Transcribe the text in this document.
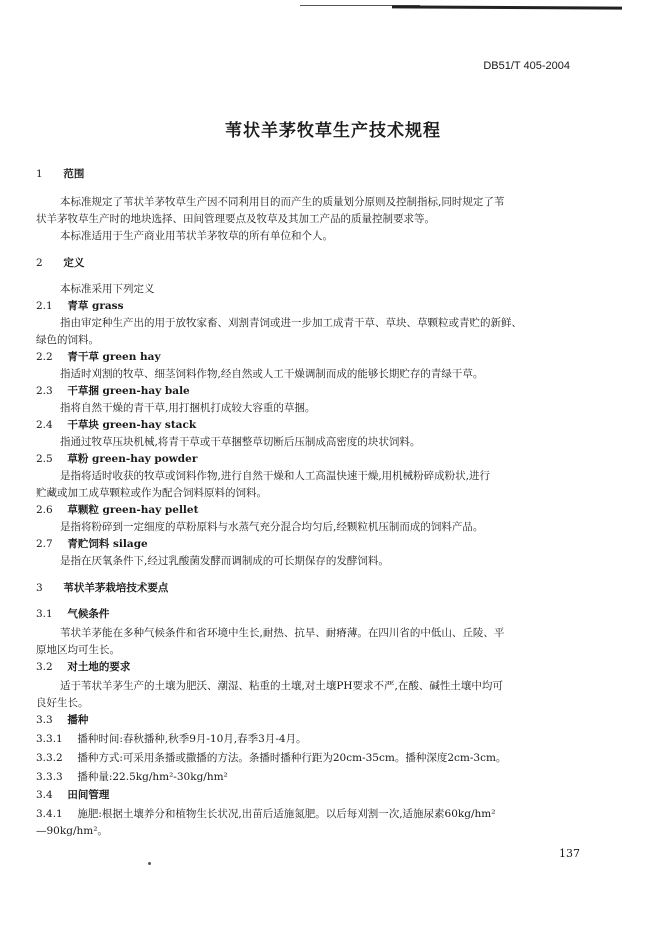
DB51/T 405-2004
苇状羊茅牧草生产技术规程
1 范围
本标准规定了苇状羊茅牧草生产因不同利用目的而产生的质量划分原则及控制指标,同时规定了苇
状羊茅牧草生产时的地块选择、田间管理要点及牧草及其加工产品的质量控制要求等。
本标准适用于生产商业用苇状羊茅牧草的所有单位和个人。
2 定义
本标准采用下列定义
2.1 青草 grass
指由审定种生产出的用于放牧家畜、刈割青饲或进一步加工成青干草、草块、草颗粒或青贮的新鲜、
绿色的饲料。
2.2 青干草 green hay
指适时刈割的牧草、细茎饲料作物,经自然或人工干燥调制而成的能够长期贮存的青绿干草。
2.3 干草捆 green-hay bale
指将自然干燥的青干草,用打捆机打成较大容重的草捆。
2.4 干草块 green-hay stack
指通过牧草压块机械,将青干草或干草捆整草切断后压制成高密度的块状饲料。
2.5 草粉 green-hay powder
是指将适时收获的牧草或饲料作物,进行自然干燥和人工高温快速干燥,用机械粉碎成粉状,进行
贮藏或加工成草颗粒或作为配合饲料原料的饲料。
2.6 草颗粒 green-hay pellet
是指将粉碎到一定细度的草粉原料与水蒸气充分混合均匀后,经颗粒机压制而成的饲料产品。
2.7 青贮饲料 silage
是指在厌氧条件下,经过乳酸菌发酵而调制成的可长期保存的发酵饲料。
3 苇状羊茅栽培技术要点
3.1 气候条件
苇状羊茅能在多种气候条件和省环境中生长,耐热、抗旱、耐瘠薄。在四川省的中低山、丘陵、平
原地区均可生长。
3.2 对土地的要求
适于苇状羊茅生产的土壤为肥沃、潮湿、粘重的土壤,对土壤PH要求不严,在酸、碱性土壤中均可
良好生长。
3.3 播种
3.3.1 播种时间:春秋播种,秋季9月-10月,春季3月-4月。
3.3.2 播种方式:可采用条播或撒播的方法。条播时播种行距为20cm-35cm。播种深度2cm-3cm。
3.3.3 播种量:22.5kg/hm²-30kg/hm²
3.4 田间管理
3.4.1 施肥:根据土壤养分和植物生长状况,出苗后适施氮肥。以后每刈割一次,适施尿素60kg/hm²
—90kg/hm²。
137
